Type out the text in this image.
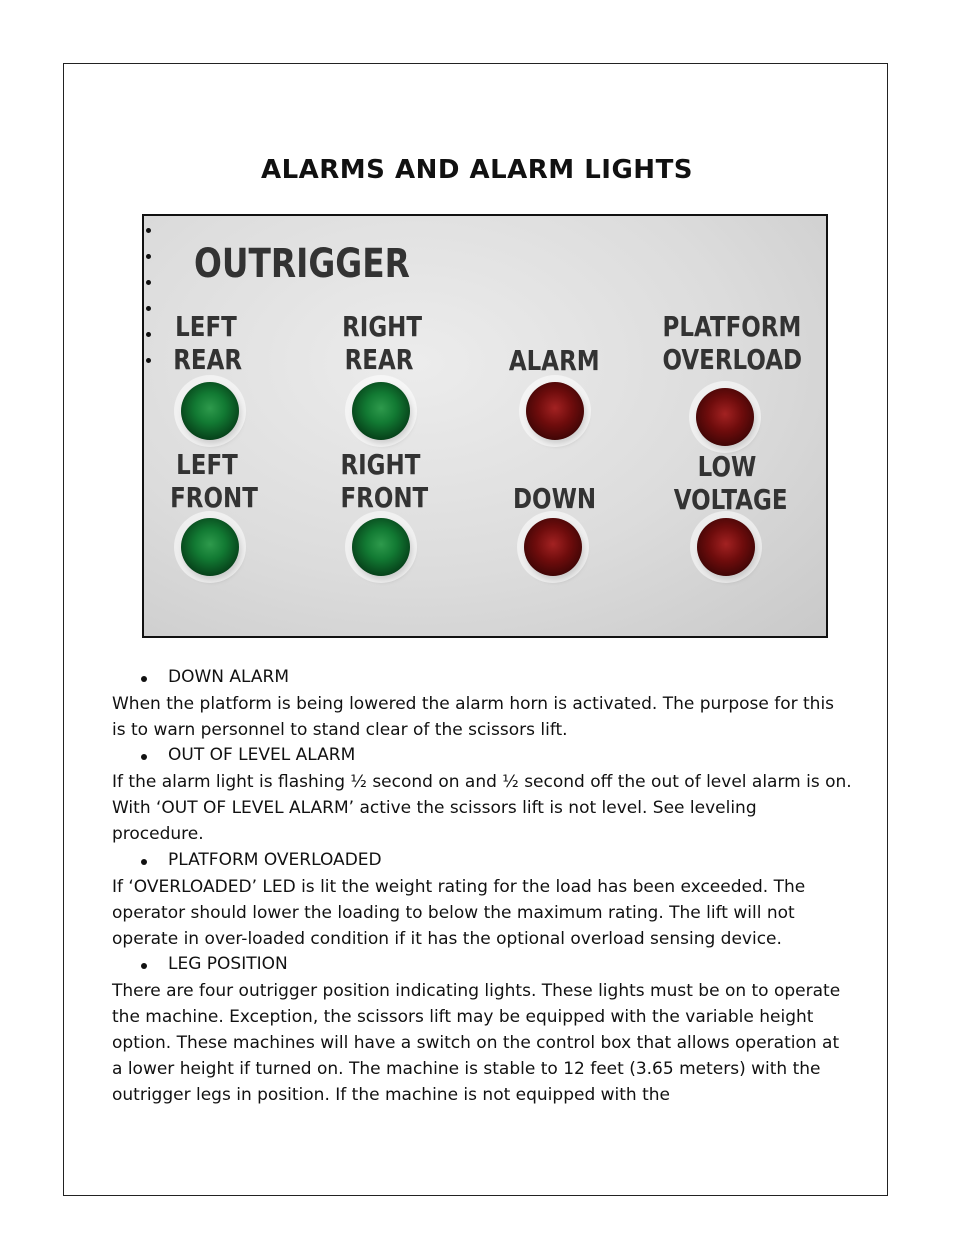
ALARMS AND ALARM LIGHTS
OUTRIGGER
LEFT
REAR
RIGHT
REAR	ALARM
PLATFORM
OVERLOAD
LEFT
FRONT
RIGHT
FRONT	DOWN
LOW
VOLTAGE

DOWN ALARM

When the platform is being lowered the alarm horn is activated. The purpose for this is to warn personnel to stand clear of the scissors lift.

OUT OF LEVEL ALARM

If the alarm light is flashing ½ second on and ½ second off the out of level alarm is on. With ‘OUT OF LEVEL ALARM’ active the scissors lift is not level. See leveling procedure.

PLATFORM OVERLOADED

If ‘OVERLOADED’ LED is lit the weight rating for the load has been exceeded. The operator should lower the loading to below the maximum rating. The lift will not operate in over-loaded condition if it has the optional overload sensing device.

LEG POSITION

There are four outrigger position indicating lights. These lights must be on to operate the machine. Exception, the scissors lift may be equipped with the variable height option. These machines will have a switch on the control box that allows operation at a lower height if turned on. The machine is stable to 12 feet (3.65 meters) with the outrigger legs in position. If the machine is not equipped with the
